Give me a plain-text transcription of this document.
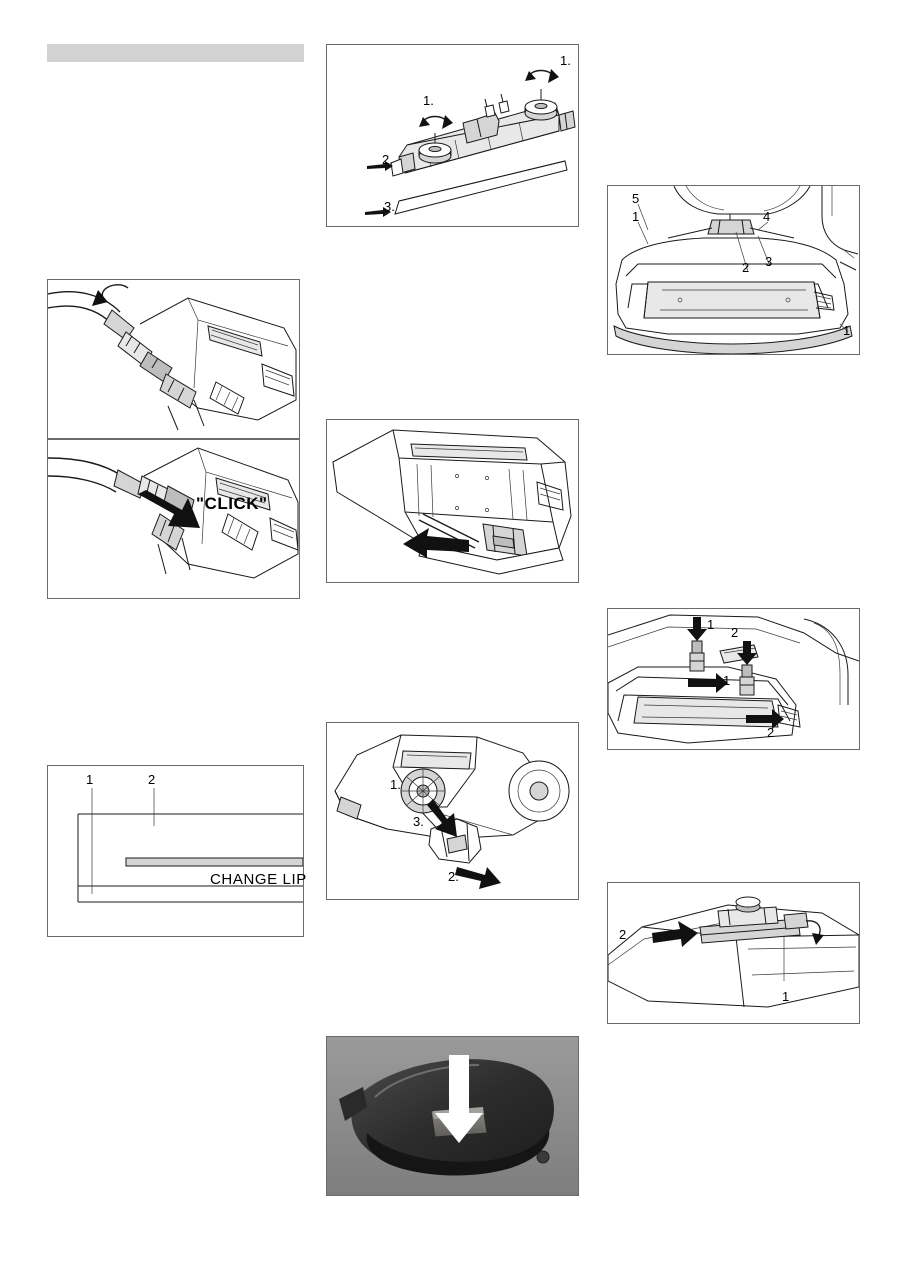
1.
1.
2.
3.
5
1	4
2 3
1
"CLICK"
1
2
1
2
1	2
CHANGE LIP
1.
3.
2.
2
1
